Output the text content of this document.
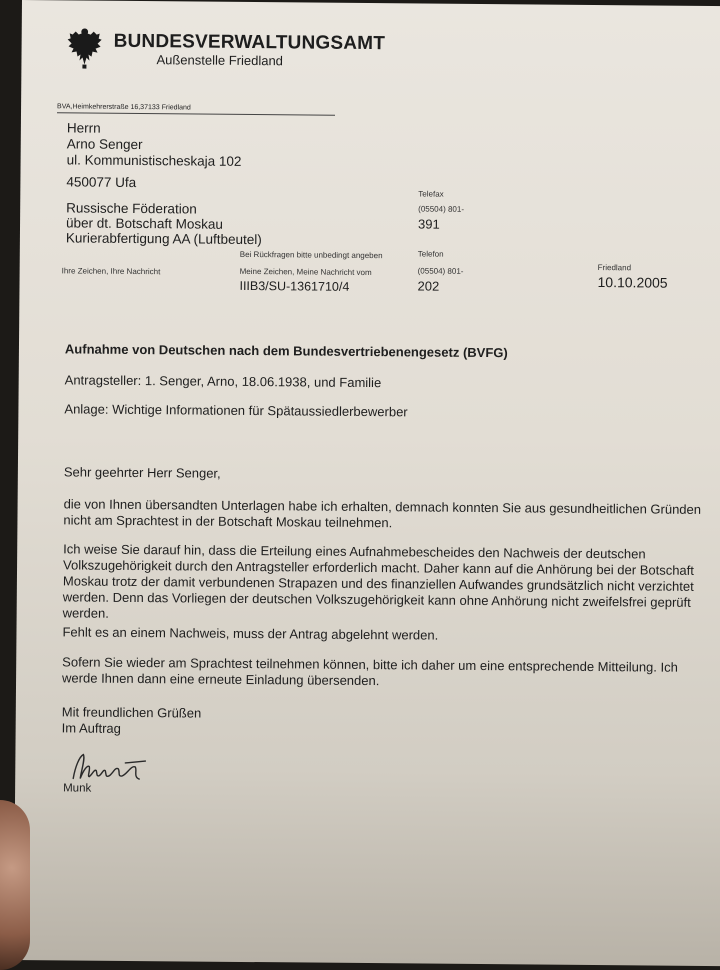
BUNDESVERWALTUNGSAMT
Außenstelle Friedland
BVA,Heimkehrerstraße 16,37133 Friedland
Herrn
Arno Senger
ul. Kommunistischeskaja 102
450077 Ufa
Russische Föderation
über dt. Botschaft Moskau
Kurierabfertigung AA (Luftbeutel)
Telefax
(05504) 801-
391
Bei Rückfragen bitte unbedingt angeben	Telefon
(05504) 801-
202
Ihre Zeichen, Ihre Nachricht	Meine Zeichen, Meine Nachricht vom
IIIB3/SU-1361710/4
Friedland
10.10.2005
Aufnahme von Deutschen nach dem Bundesvertriebenengesetz (BVFG)
Antragsteller: 1. Senger, Arno, 18.06.1938, und Familie
Anlage: Wichtige Informationen für Spätaussiedlerbewerber
Sehr geehrter Herr Senger,
die von Ihnen übersandten Unterlagen habe ich erhalten, demnach konnten Sie aus gesundheitlichen Gründen nicht am Sprachtest in der Botschaft Moskau teilnehmen.
Ich weise Sie darauf hin, dass die Erteilung eines Aufnahmebescheides den Nachweis der deutschen Volkszugehörigkeit durch den Antragsteller erforderlich macht. Daher kann auf die Anhörung bei der Botschaft Moskau trotz der damit verbundenen Strapazen und des finanziellen Aufwandes grundsätzlich nicht verzichtet werden. Denn das Vorliegen der deutschen Volkszugehörigkeit kann ohne Anhörung nicht zweifelsfrei geprüft werden.
Fehlt es an einem Nachweis, muss der Antrag abgelehnt werden.
Sofern Sie wieder am Sprachtest teilnehmen können, bitte ich daher um eine entsprechende Mitteilung. Ich werde Ihnen dann eine erneute Einladung übersenden.
Mit freundlichen Grüßen
Im Auftrag
Munk
